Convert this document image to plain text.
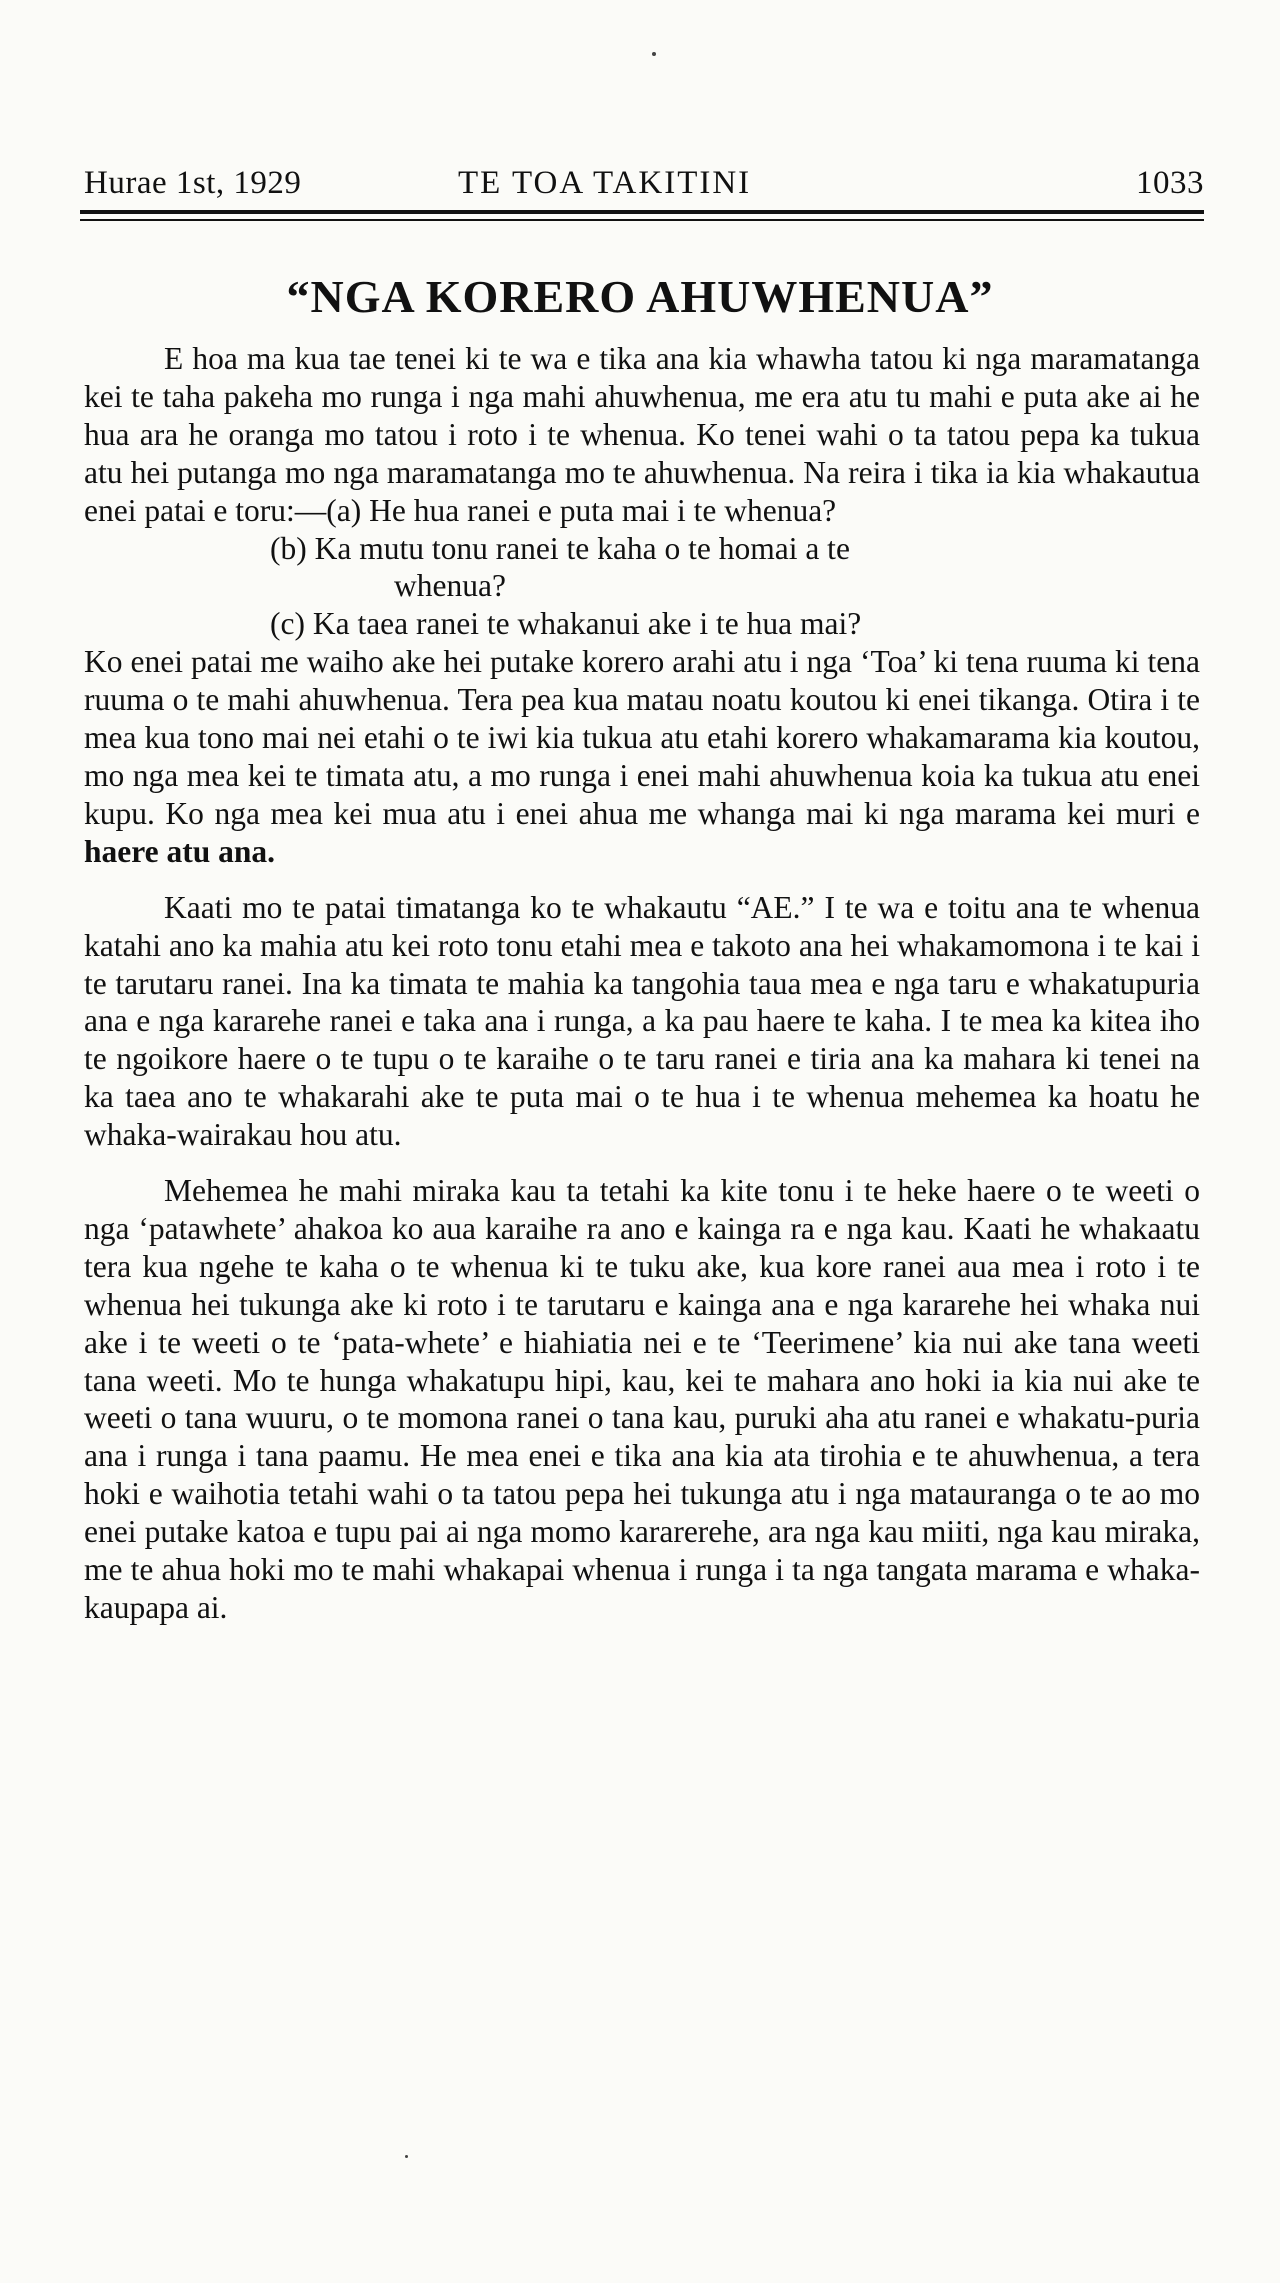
Hurae 1st, 1929	TE TOA TAKITINI	1033
“NGA KORERO AHUWHENUA”

E hoa ma kua tae tenei ki te wa e tika ana kia whawha tatou ki nga maramatanga kei te taha pakeha mo runga i nga mahi ahuwhenua, me era atu tu mahi e puta ake ai he hua ara he oranga mo tatou i roto i te whenua. Ko tenei wahi o ta tatou pepa ka tukua atu hei putanga mo nga maramatanga mo te ahuwhenua. Na reira i tika ia kia whakautua enei patai e toru:—(a) He hua ranei e puta mai i te whenua?

(b) Ka mutu tonu ranei te kaha o te homai a te
whenua?
(c) Ka taea ranei te whakanui ake i te hua mai?

Ko enei patai me waiho ake hei putake korero arahi atu i nga ‘Toa’ ki tena ruuma ki tena ruuma o te mahi ahuwhenua. Tera pea kua matau noatu koutou ki enei tikanga. Otira i te mea kua tono mai nei etahi o te iwi kia tukua atu etahi korero whakamarama kia koutou, mo nga mea kei te timata atu, a mo runga i enei mahi ahuwhenua koia ka tukua atu enei kupu. Ko nga mea kei mua atu i enei ahua me whanga mai ki nga marama kei muri e haere atu ana.

Kaati mo te patai timatanga ko te whakautu “AE.” I te wa e toitu ana te whenua katahi ano ka mahia atu kei roto tonu etahi mea e takoto ana hei whakamomona i te kai i te tarutaru ranei. Ina ka timata te mahia ka tangohia taua mea e nga taru e whakatupuria ana e nga kararehe ranei e taka ana i runga, a ka pau haere te kaha. I te mea ka kitea iho te ngoikore haere o te tupu o te karaihe o te taru ranei e tiria ana ka mahara ki tenei na ka taea ano te whakarahi ake te puta mai o te hua i te whenua mehemea ka hoatu he whaka-wairakau hou atu.

Mehemea he mahi miraka kau ta tetahi ka kite tonu i te heke haere o te weeti o nga ‘patawhete’ ahakoa ko aua karaihe ra ano e kainga ra e nga kau. Kaati he whakaatu tera kua ngehe te kaha o te whenua ki te tuku ake, kua kore ranei aua mea i roto i te whenua hei tukunga ake ki roto i te tarutaru e kainga ana e nga kararehe hei whaka nui ake i te weeti o te ‘pata-whete’ e hiahiatia nei e te ‘Teerimene’ kia nui ake tana weeti tana weeti. Mo te hunga whakatupu hipi, kau, kei te mahara ano hoki ia kia nui ake te weeti o tana wuuru, o te momona ranei o tana kau, puruki aha atu ranei e whakatu-puria ana i runga i tana paamu. He mea enei e tika ana kia ata tirohia e te ahuwhenua, a tera hoki e waihotia tetahi wahi o ta tatou pepa hei tukunga atu i nga matauranga o te ao mo enei putake katoa e tupu pai ai nga momo kararerehe, ara nga kau miiti, nga kau miraka, me te ahua hoki mo te mahi whakapai whenua i runga i ta nga tangata marama e whaka-kaupapa ai.
